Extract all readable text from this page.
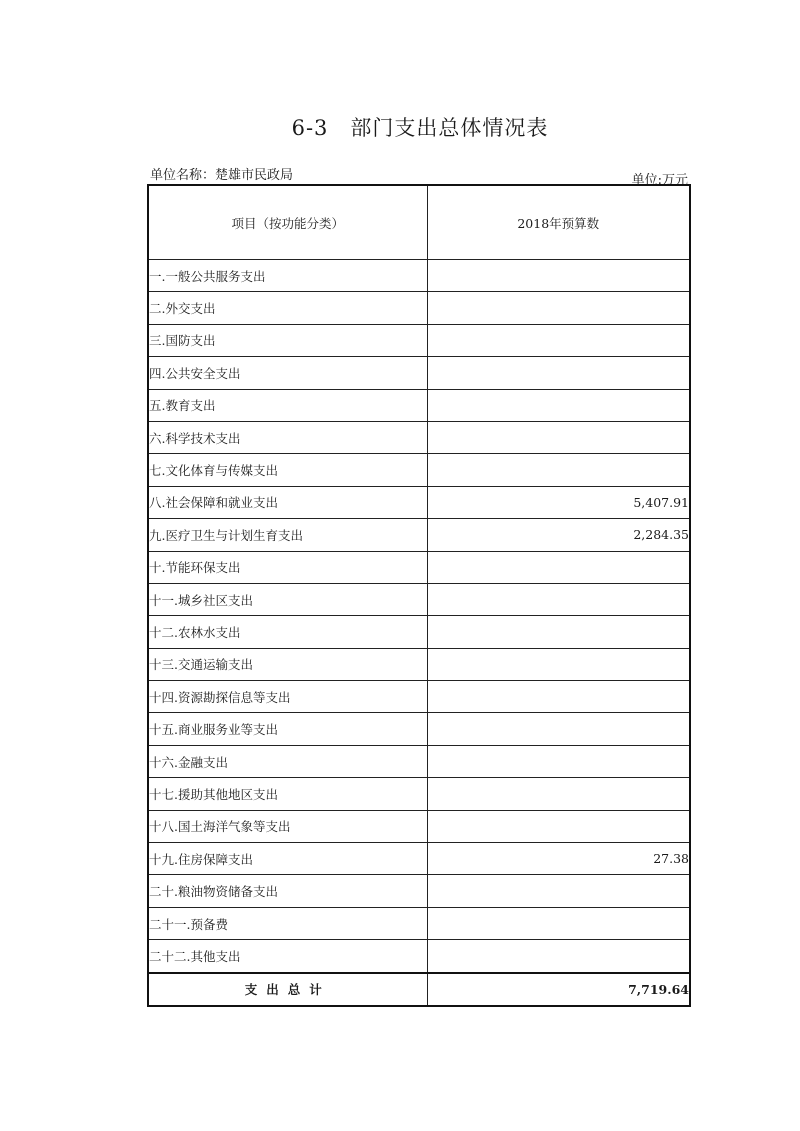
6-3　部门支出总体情况表
单位名称：楚雄市民政局	单位:万元
项目（按功能分类）	2018年预算数
一.一般公共服务支出	
二.外交支出	
三.国防支出	
四.公共安全支出	
五.教育支出	
六.科学技术支出	
七.文化体育与传媒支出	
八.社会保障和就业支出	5,407.91
九.医疗卫生与计划生育支出	2,284.35
十.节能环保支出	
十一.城乡社区支出	
十二.农林水支出	
十三.交通运输支出	
十四.资源勘探信息等支出	
十五.商业服务业等支出	
十六.金融支出	
十七.援助其他地区支出	
十八.国土海洋气象等支出	
十九.住房保障支出	27.38
二十.粮油物资储备支出	
二十一.预备费	
二十二.其他支出	
支出总计	7,719.64
